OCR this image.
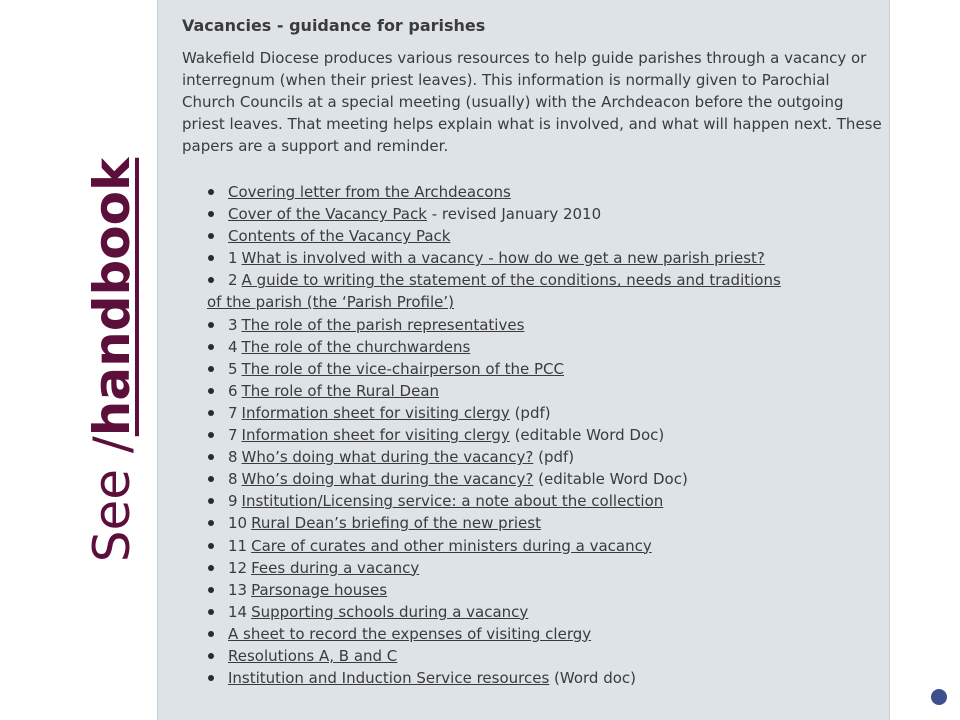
See /handbook
Vacancies - guidance for parishes

Wakefield Diocese produces various resources to help guide parishes through a vacancy or interregnum (when their priest leaves). This information is normally given to Parochial Church Councils at a special meeting (usually) with the Archdeacon before the outgoing priest leaves. That meeting helps explain what is involved, and what will happen next. These papers are a support and reminder.

Covering letter from the Archdeacons
Cover of the Vacancy Pack - revised January 2010
Contents of the Vacancy Pack
1 What is involved with a vacancy - how do we get a new parish priest?
2 A guide to writing the statement of the conditions, needs and traditions
of the parish (the ‘Parish Profile’)
3 The role of the parish representatives
4 The role of the churchwardens
5 The role of the vice-chairperson of the PCC
6 The role of the Rural Dean
7 Information sheet for visiting clergy (pdf)
7 Information sheet for visiting clergy (editable Word Doc)
8 Who’s doing what during the vacancy? (pdf)
8 Who’s doing what during the vacancy? (editable Word Doc)
9 Institution/Licensing service: a note about the collection
10 Rural Dean’s briefing of the new priest
11 Care of curates and other ministers during a vacancy
12 Fees during a vacancy
13 Parsonage houses
14 Supporting schools during a vacancy
A sheet to record the expenses of visiting clergy
Resolutions A, B and C
Institution and Induction Service resources (Word doc)
